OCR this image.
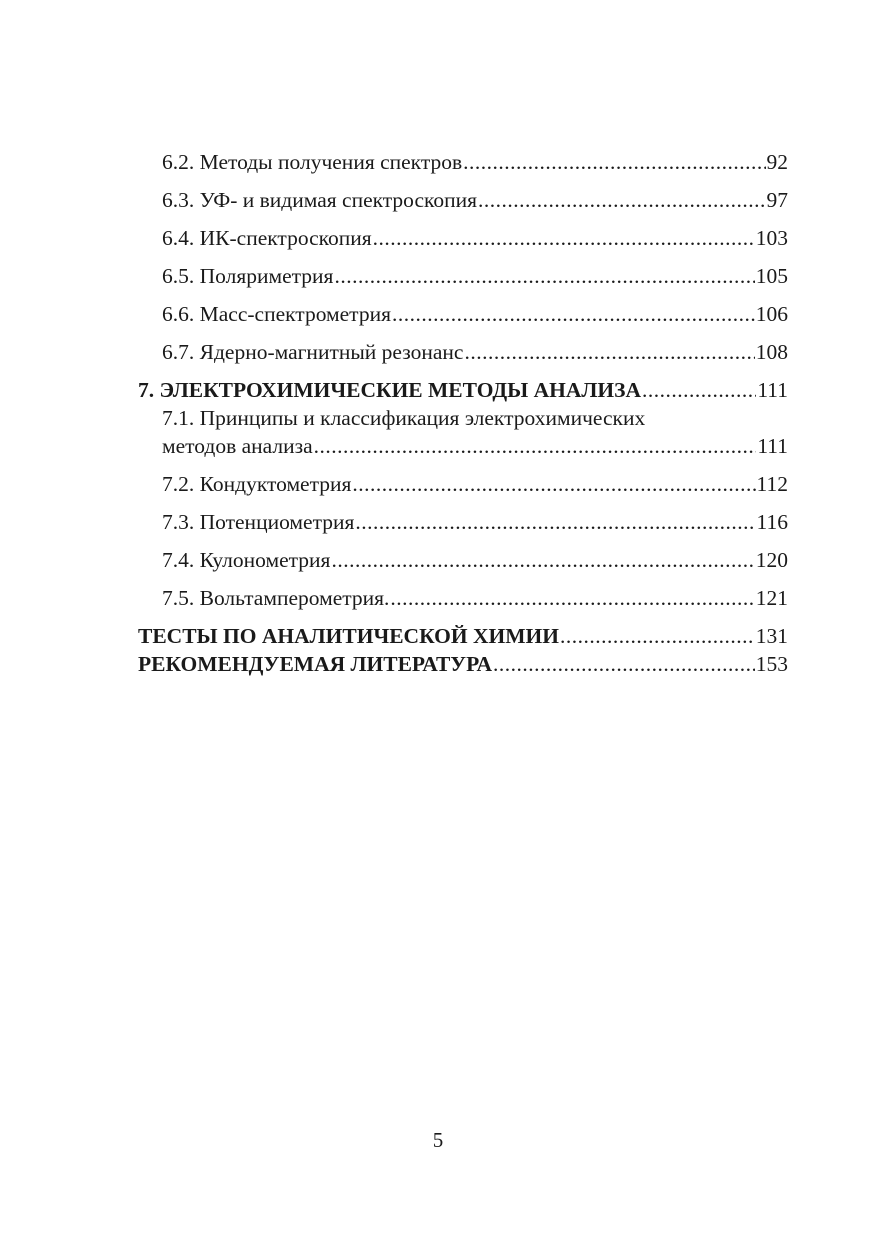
6.2. Методы получения спектров .....	92
6.3. УФ- и видимая спектроскопия .....	97
6.4. ИК-спектроскопия .....	103
6.5. Поляриметрия .....	105
6.6. Масс-спектрометрия .....	106
6.7. Ядерно-магнитный резонанс .....	108
7. ЭЛЕКТРОХИМИЧЕСКИЕ МЕТОДЫ АНАЛИЗА .....	111
7.1. Принципы и классификация электрохимических
методов анализа .....	111
7.2. Кондуктометрия .....	112
7.3. Потенциометрия .....	116
7.4. Кулонометрия .....	120
7.5. Вольтамперометрия. .....	121
ТЕСТЫ ПО АНАЛИТИЧЕСКОЙ ХИМИИ .....	131
РЕКОМЕНДУЕМАЯ ЛИТЕРАТУРА .....	153
5
